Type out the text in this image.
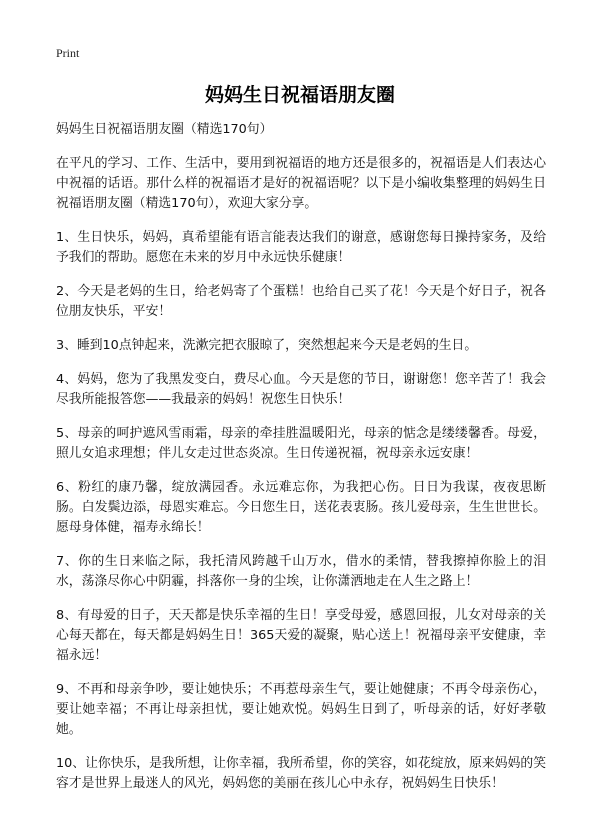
Print
妈妈生日祝福语朋友圈

妈妈生日祝福语朋友圈（精选170句）

在平凡的学习、工作、生活中，要用到祝福语的地方还是很多的，祝福语是人们表达心中祝福的话语。那什么样的祝福语才是好的祝福语呢？以下是小编收集整理的妈妈生日祝福语朋友圈（精选170句），欢迎大家分享。

1、生日快乐，妈妈，真希望能有语言能表达我们的谢意，感谢您每日操持家务，及给予我们的帮助。愿您在未来的岁月中永远快乐健康！

2、今天是老妈的生日，给老妈寄了个蛋糕！也给自己买了花！今天是个好日子，祝各位朋友快乐，平安！

3、睡到10点钟起来，洗漱完把衣服晾了，突然想起来今天是老妈的生日。

4、妈妈，您为了我黑发变白，费尽心血。今天是您的节日，谢谢您！您辛苦了！我会尽我所能报答您——我最亲的妈妈！祝您生日快乐！

5、母亲的呵护遮风雪雨霜，母亲的牵挂胜温暖阳光，母亲的惦念是缕缕馨香。母爱，照儿女追求理想；伴儿女走过世态炎凉。生日传递祝福，祝母亲永远安康！

6、粉红的康乃馨，绽放满园香。永远难忘你，为我把心伤。日日为我谋，夜夜思断肠。白发鬓边添，母恩实难忘。今日您生日，送花表衷肠。孩儿爱母亲，生生世世长。愿母身体健，福寿永绵长！

7、你的生日来临之际，我托清风跨越千山万水，借水的柔情，替我擦掉你脸上的泪水，荡涤尽你心中阴霾，抖落你一身的尘埃，让你潇洒地走在人生之路上！

8、有母爱的日子，天天都是快乐幸福的生日！享受母爱，感恩回报，儿女对母亲的关心每天都在，每天都是妈妈生日！365天爱的凝聚，贴心送上！祝福母亲平安健康，幸福永远！

9、不再和母亲争吵，要让她快乐；不再惹母亲生气，要让她健康；不再令母亲伤心，要让她幸福；不再让母亲担忧，要让她欢悦。妈妈生日到了，听母亲的话，好好孝敬她。

10、让你快乐，是我所想，让你幸福，我所希望，你的笑容，如花绽放，原来妈妈的笑容才是世界上最迷人的风光，妈妈您的美丽在孩儿心中永存，祝妈妈生日快乐！
